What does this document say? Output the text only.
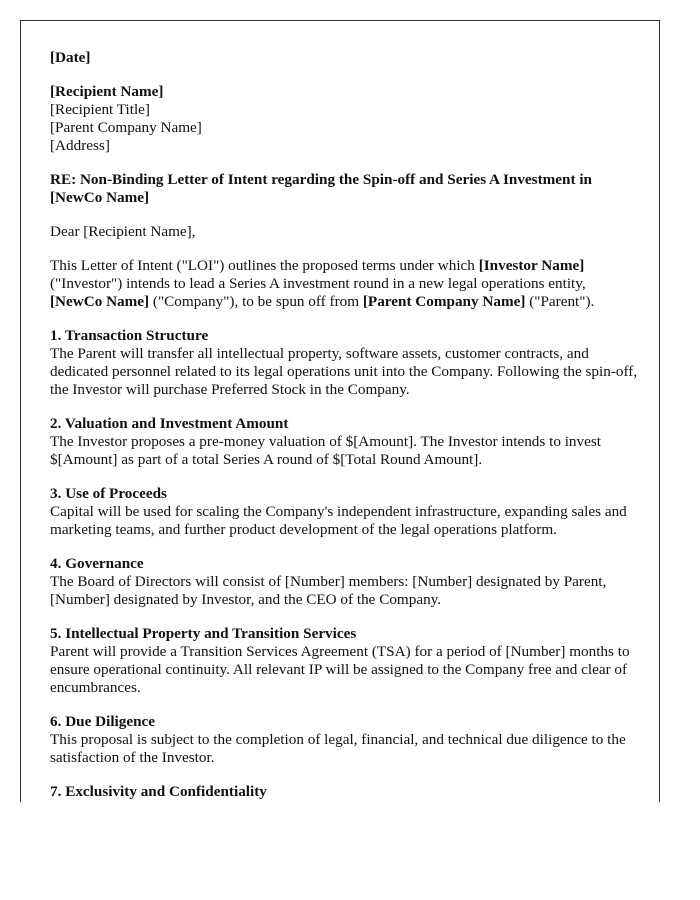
[Date]

[Recipient Name]
[Recipient Title]
[Parent Company Name]
[Address]

RE: Non-Binding Letter of Intent regarding the Spin-off and Series A Investment in [NewCo Name]

Dear [Recipient Name],

This Letter of Intent ("LOI") outlines the proposed terms under which [Investor Name] ("Investor") intends to lead a Series A investment round in a new legal operations entity, [NewCo Name] ("Company"), to be spun off from [Parent Company Name] ("Parent").

1. Transaction Structure
The Parent will transfer all intellectual property, software assets, customer contracts, and dedicated personnel related to its legal operations unit into the Company. Following the spin-off, the Investor will purchase Preferred Stock in the Company.
2. Valuation and Investment Amount
The Investor proposes a pre-money valuation of $[Amount]. The Investor intends to invest $[Amount] as part of a total Series A round of $[Total Round Amount].
3. Use of Proceeds
Capital will be used for scaling the Company's independent infrastructure, expanding sales and marketing teams, and further product development of the legal operations platform.
4. Governance
The Board of Directors will consist of [Number] members: [Number] designated by Parent, [Number] designated by Investor, and the CEO of the Company.
5. Intellectual Property and Transition Services
Parent will provide a Transition Services Agreement (TSA) for a period of [Number] months to ensure operational continuity. All relevant IP will be assigned to the Company free and clear of encumbrances.
6. Due Diligence
This proposal is subject to the completion of legal, financial, and technical due diligence to the satisfaction of the Investor.
7. Exclusivity and Confidentiality
